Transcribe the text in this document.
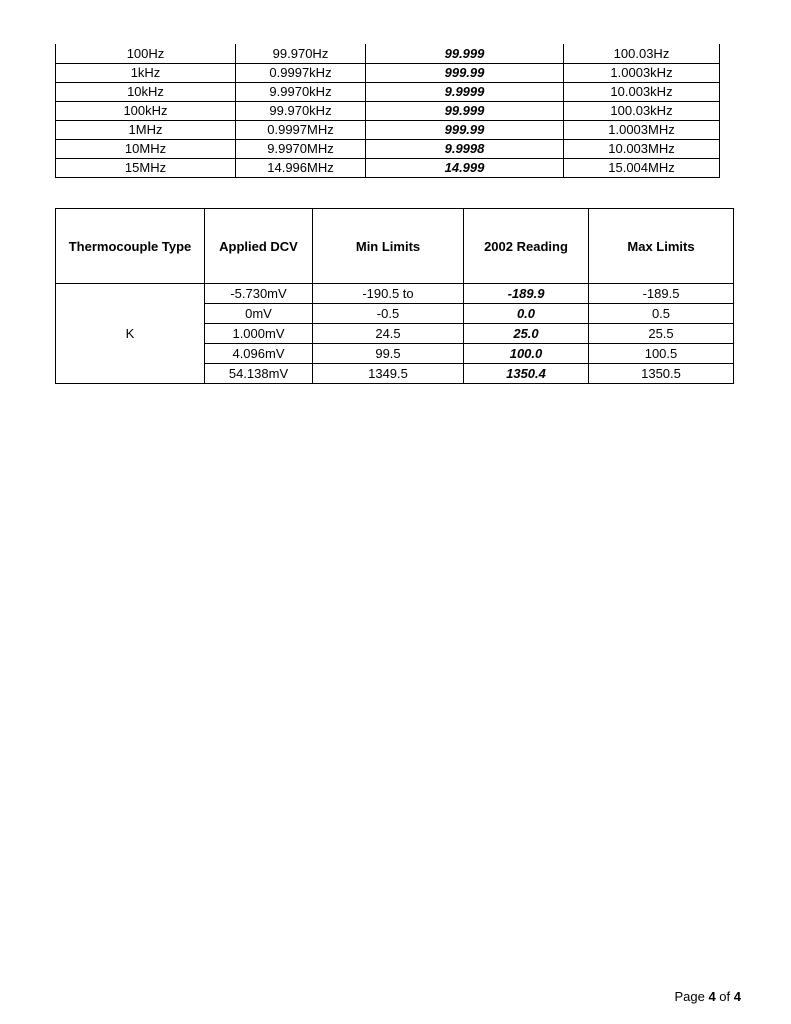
100Hz	99.970Hz	99.999	100.03Hz
1kHz	0.9997kHz	999.99	1.0003kHz
10kHz	9.9970kHz	9.9999	10.003kHz
100kHz	99.970kHz	99.999	100.03kHz
1MHz	0.9997MHz	999.99	1.0003MHz
10MHz	9.9970MHz	9.9998	10.003MHz
15MHz	14.996MHz	14.999	15.004MHz
Thermocouple Type	Applied DCV	Min Limits	2002 Reading	Max Limits
K	-5.730mV	-190.5 to	-189.9	-189.5
	0mV	-0.5	0.0	0.5
	1.000mV	24.5	25.0	25.5
	4.096mV	99.5	100.0	100.5
	54.138mV	1349.5	1350.4	1350.5
Page 4 of 4
